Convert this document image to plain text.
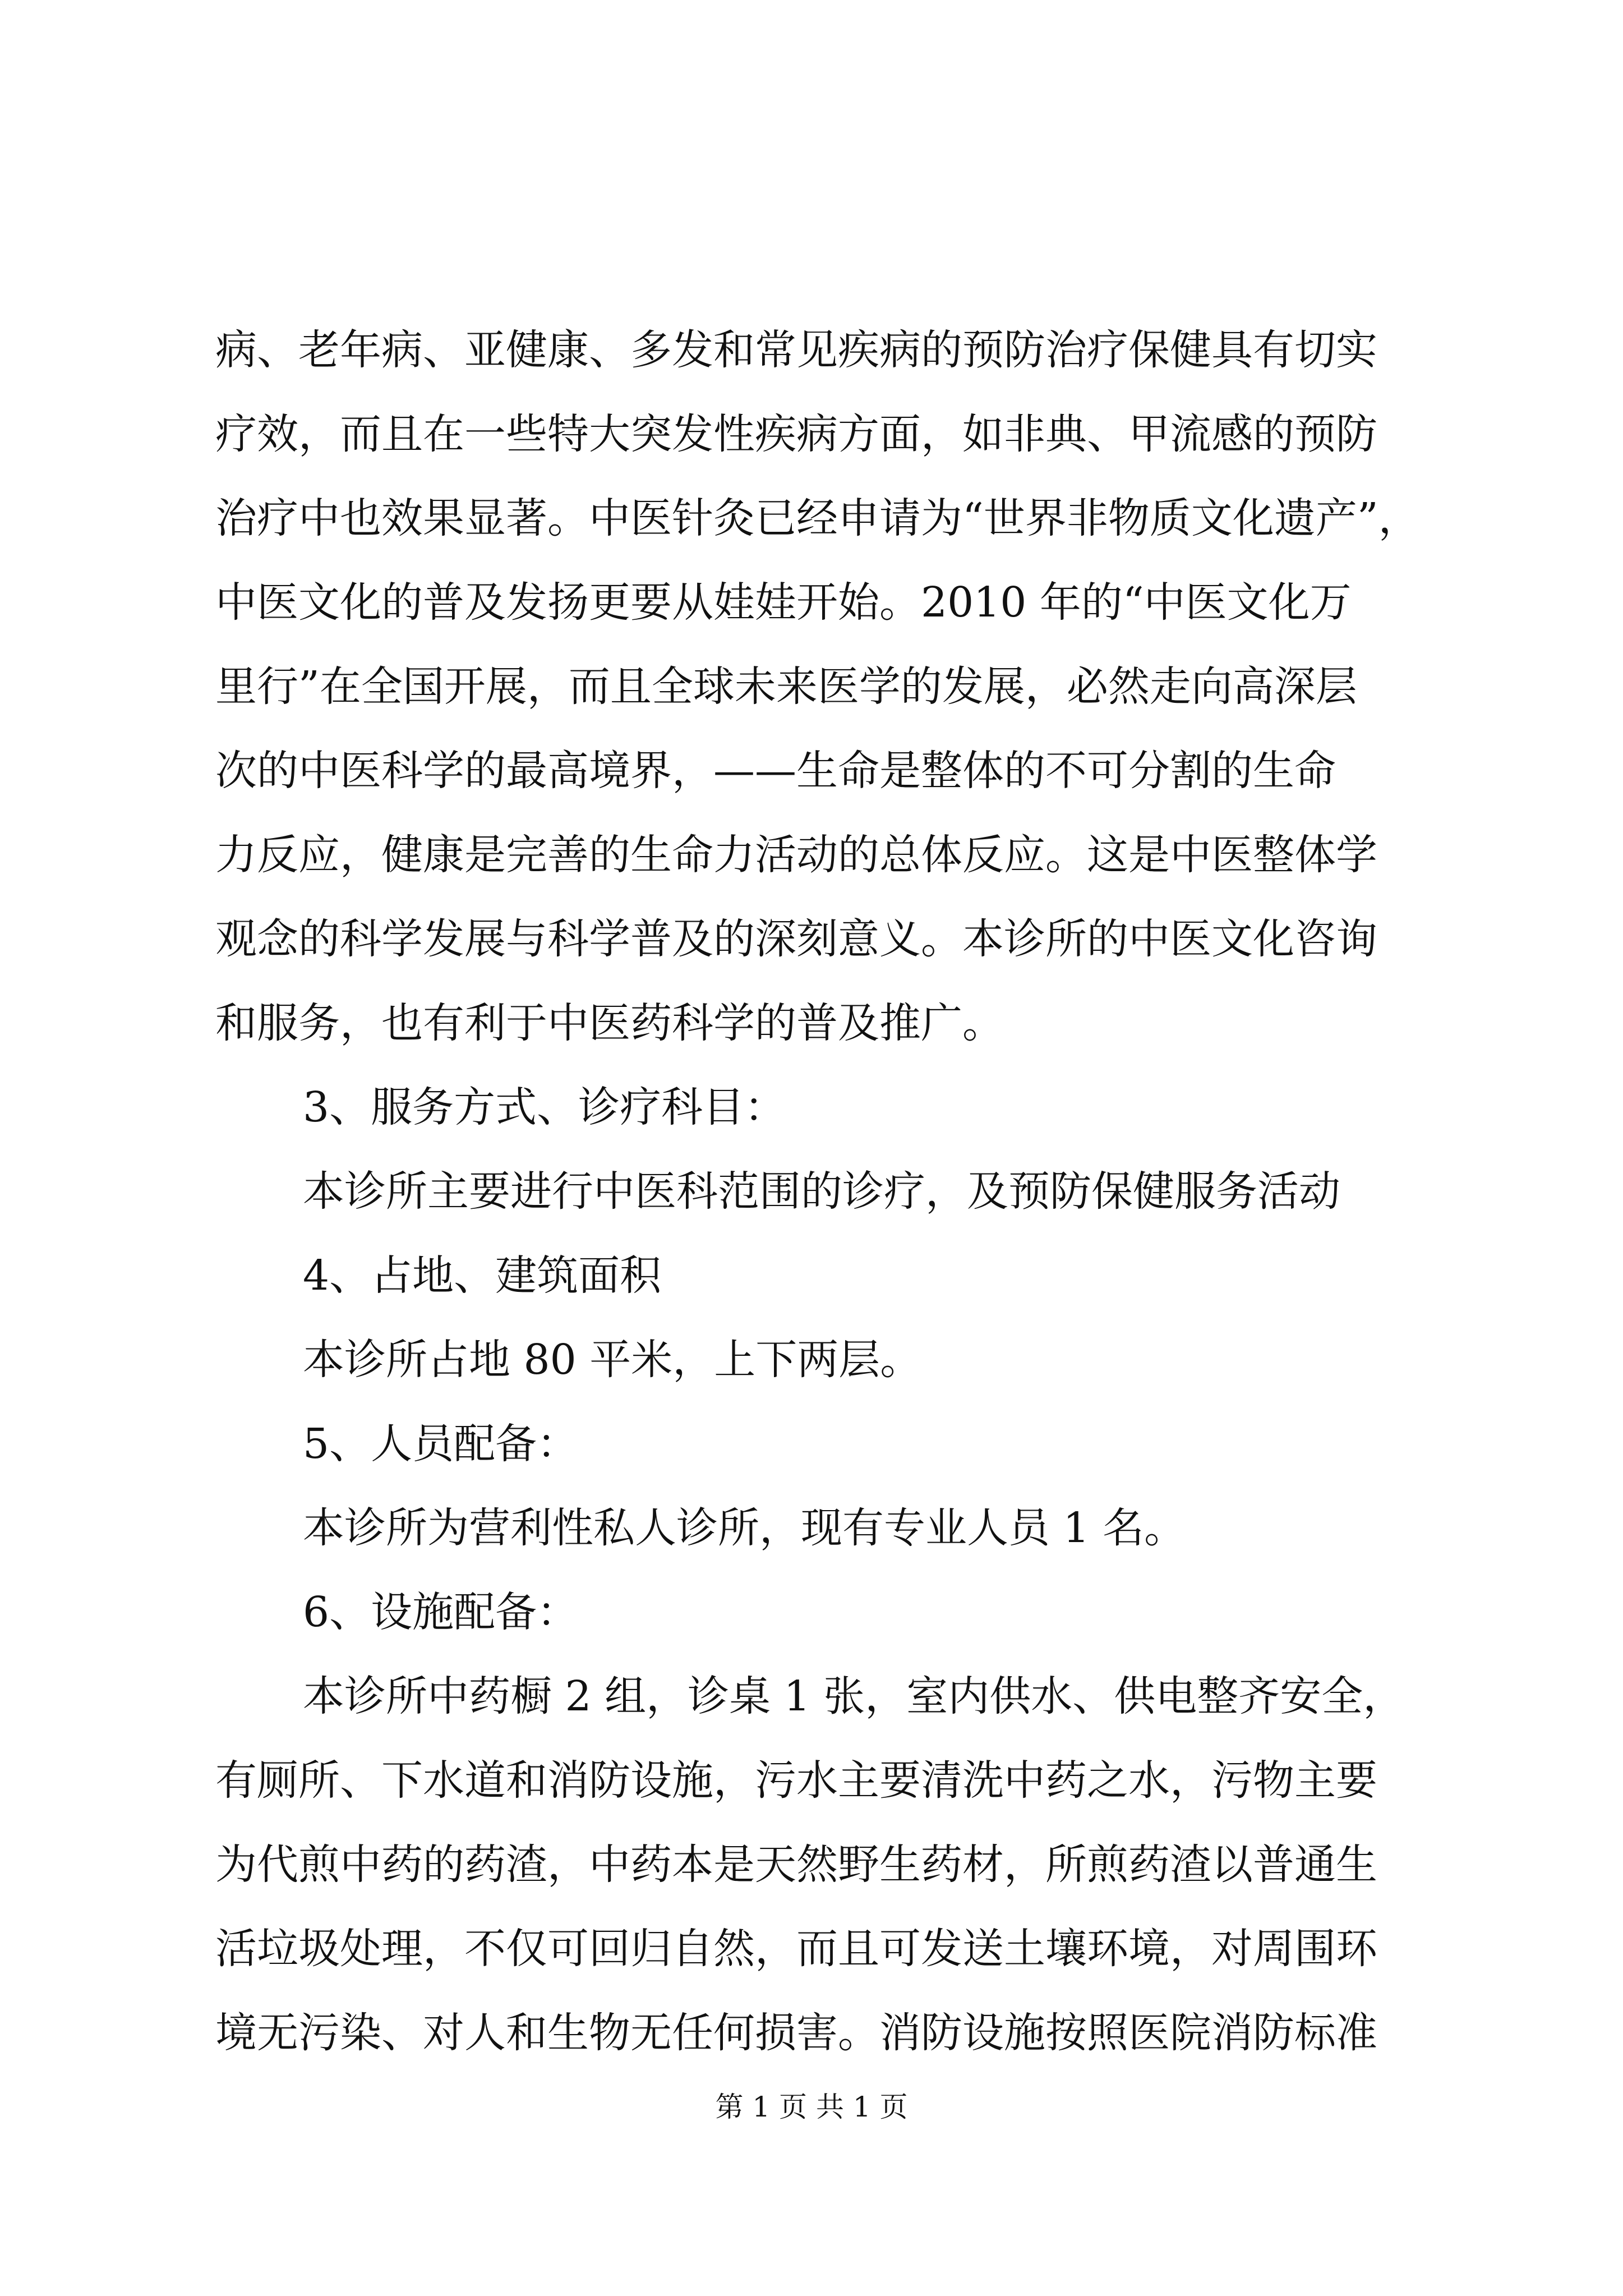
病、老年病、亚健康、多发和常见疾病的预防治疗保健具有切实
疗效，而且在一些特大突发性疾病方面，如非典、甲流感的预防
治疗中也效果显著。中医针灸已经申请为“世界非物质文化遗产”，
中医文化的普及发扬更要从娃娃开始。2010 年的“中医文化万
里行”在全国开展，而且全球未来医学的发展，必然走向高深层
次的中医科学的最高境界，——生命是整体的不可分割的生命
力反应，健康是完善的生命力活动的总体反应。这是中医整体学
观念的科学发展与科学普及的深刻意义。本诊所的中医文化咨询
和服务，也有利于中医药科学的普及推广。
3、服务方式、诊疗科目：
本诊所主要进行中医科范围的诊疗，及预防保健服务活动
4、占地、建筑面积
本诊所占地 80 平米，上下两层。
5、人员配备：
本诊所为营利性私人诊所，现有专业人员 1 名。
6、设施配备：
本诊所中药橱 2 组，诊桌 1 张，室内供水、供电整齐安全，
有厕所、下水道和消防设施，污水主要清洗中药之水，污物主要
为代煎中药的药渣，中药本是天然野生药材，所煎药渣以普通生
活垃圾处理，不仅可回归自然，而且可发送土壤环境，对周围环
境无污染、对人和生物无任何损害。消防设施按照医院消防标准
第 1 页 共 1 页
